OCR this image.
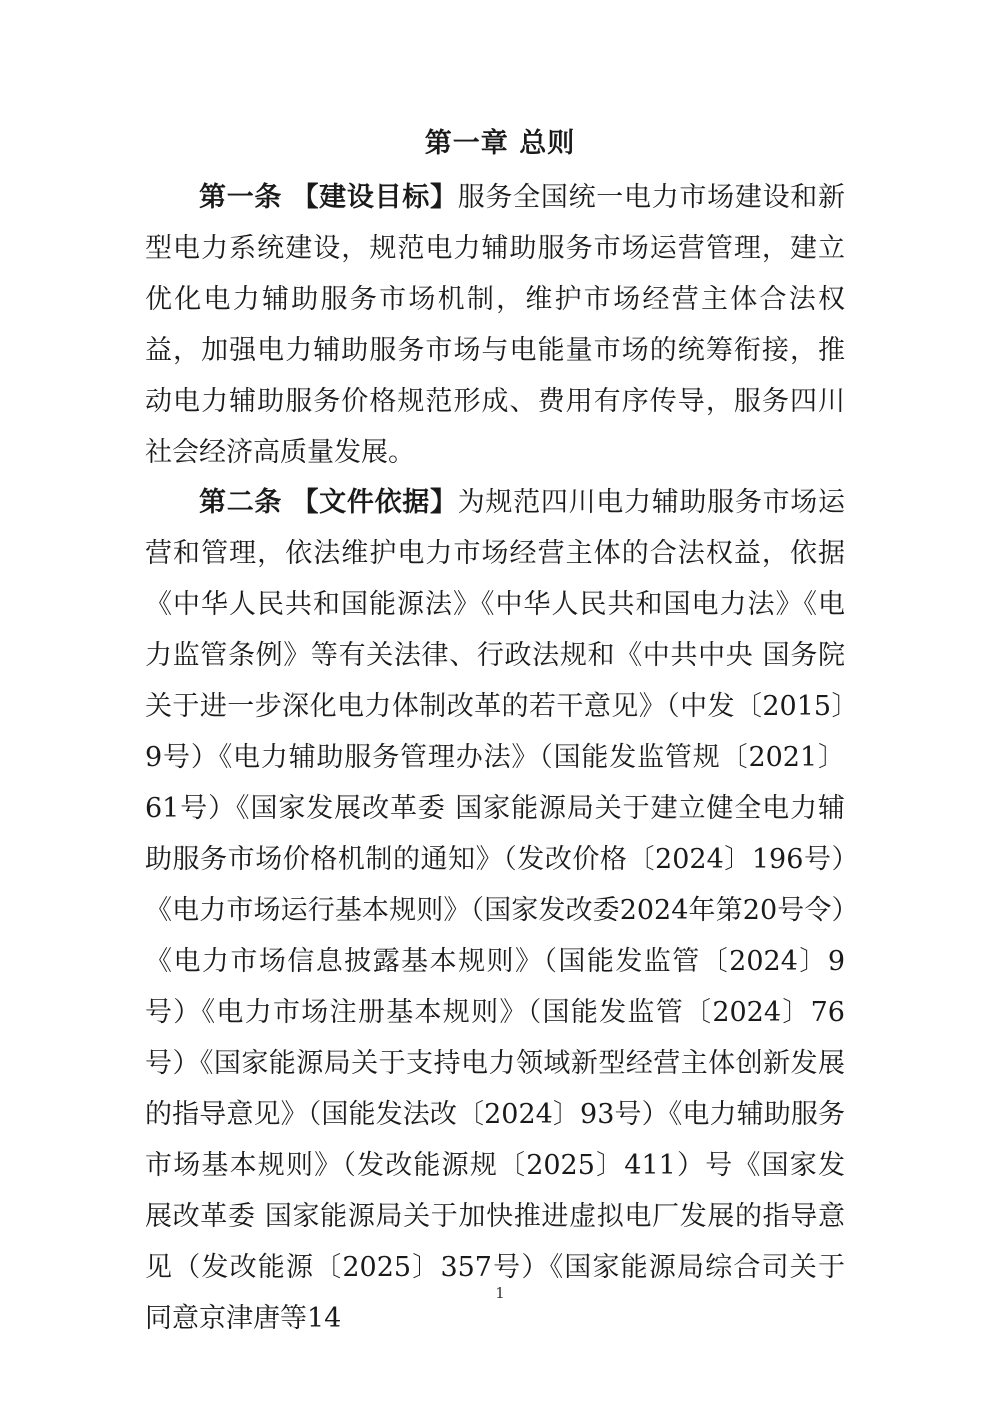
第一章 总则

第一条 【建设目标】服务全国统一电力市场建设和新型电力系统建设，规范电力辅助服务市场运营管理，建立优化电力辅助服务市场机制，维护市场经营主体合法权益，加强电力辅助服务市场与电能量市场的统筹衔接，推动电力辅助服务价格规范形成、费用有序传导，服务四川社会经济高质量发展。

第二条 【文件依据】为规范四川电力辅助服务市场运营和管理，依法维护电力市场经营主体的合法权益，依据《中华人民共和国能源法》《中华人民共和国电力法》《电力监管条例》等有关法律、行政法规和《中共中央 国务院关于进一步深化电力体制改革的若干意见》（中发〔2015〕9号）《电力辅助服务管理办法》（国能发监管规〔2021〕61号）《国家发展改革委 国家能源局关于建立健全电力辅助服务市场价格机制的通知》（发改价格〔2024〕196号）《电力市场运行基本规则》（国家发改委2024年第20号令）《电力市场信息披露基本规则》（国能发监管〔2024〕9号）《电力市场注册基本规则》（国能发监管〔2024〕76号）《国家能源局关于支持电力领域新型经营主体创新发展的指导意见》（国能发法改〔2024〕93号）《电力辅助服务市场基本规则》（发改能源规〔2025〕411）号《国家发展改革委 国家能源局关于加快推进虚拟电厂发展的指导意见（发改能源〔2025〕357号）《国家能源局综合司关于同意京津唐等14

1
